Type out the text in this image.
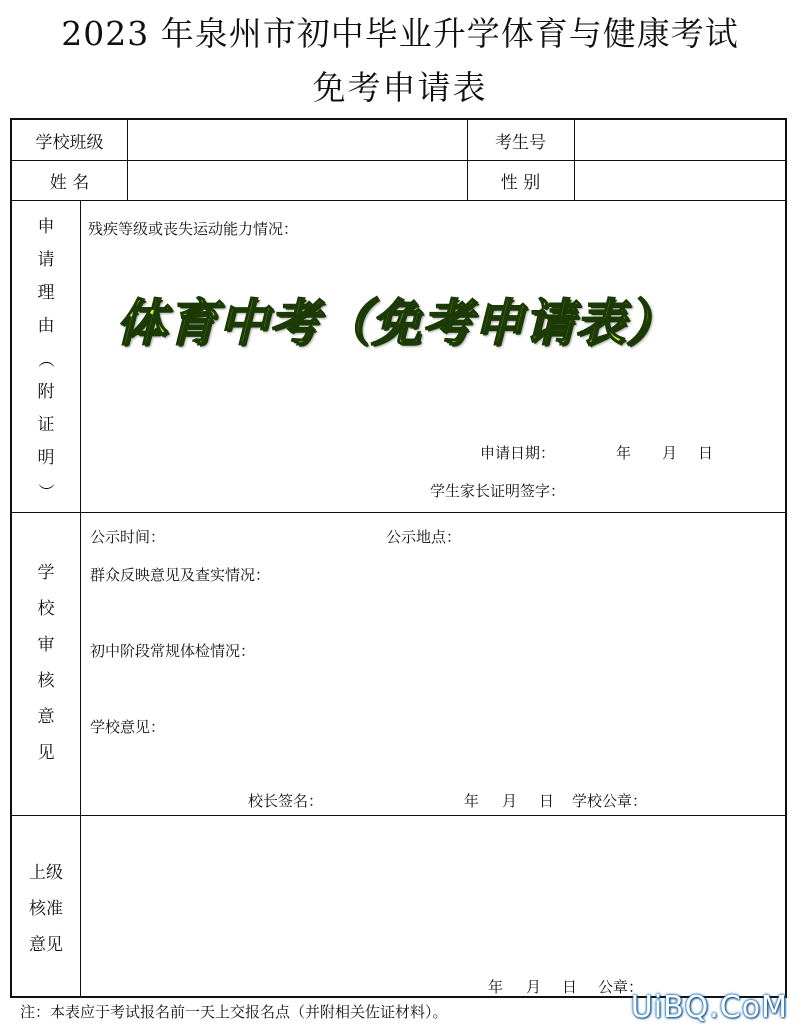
2023 年泉州市初中毕业升学体育与健康考试
免考申请表
学校班级	考生号
姓 名	性 别
申
请
理
由
（
附
证
明
）
残疾等级或丧失运动能力情况：
申请日期：	年 月 日
学生家长证明签字：
学
校
审
核
意
见
公示时间：	公示地点：
群众反映意见及查实情况：
初中阶段常规体检情况：
学校意见：
校长签名：	年 月 日 学校公章：
上级
核准
意见
年 月 日 公章：
体育中考（免考申请表）
注：本表应于考试报名前一天上交报名点（并附相关佐证材料）。	UiBQ.CoM
